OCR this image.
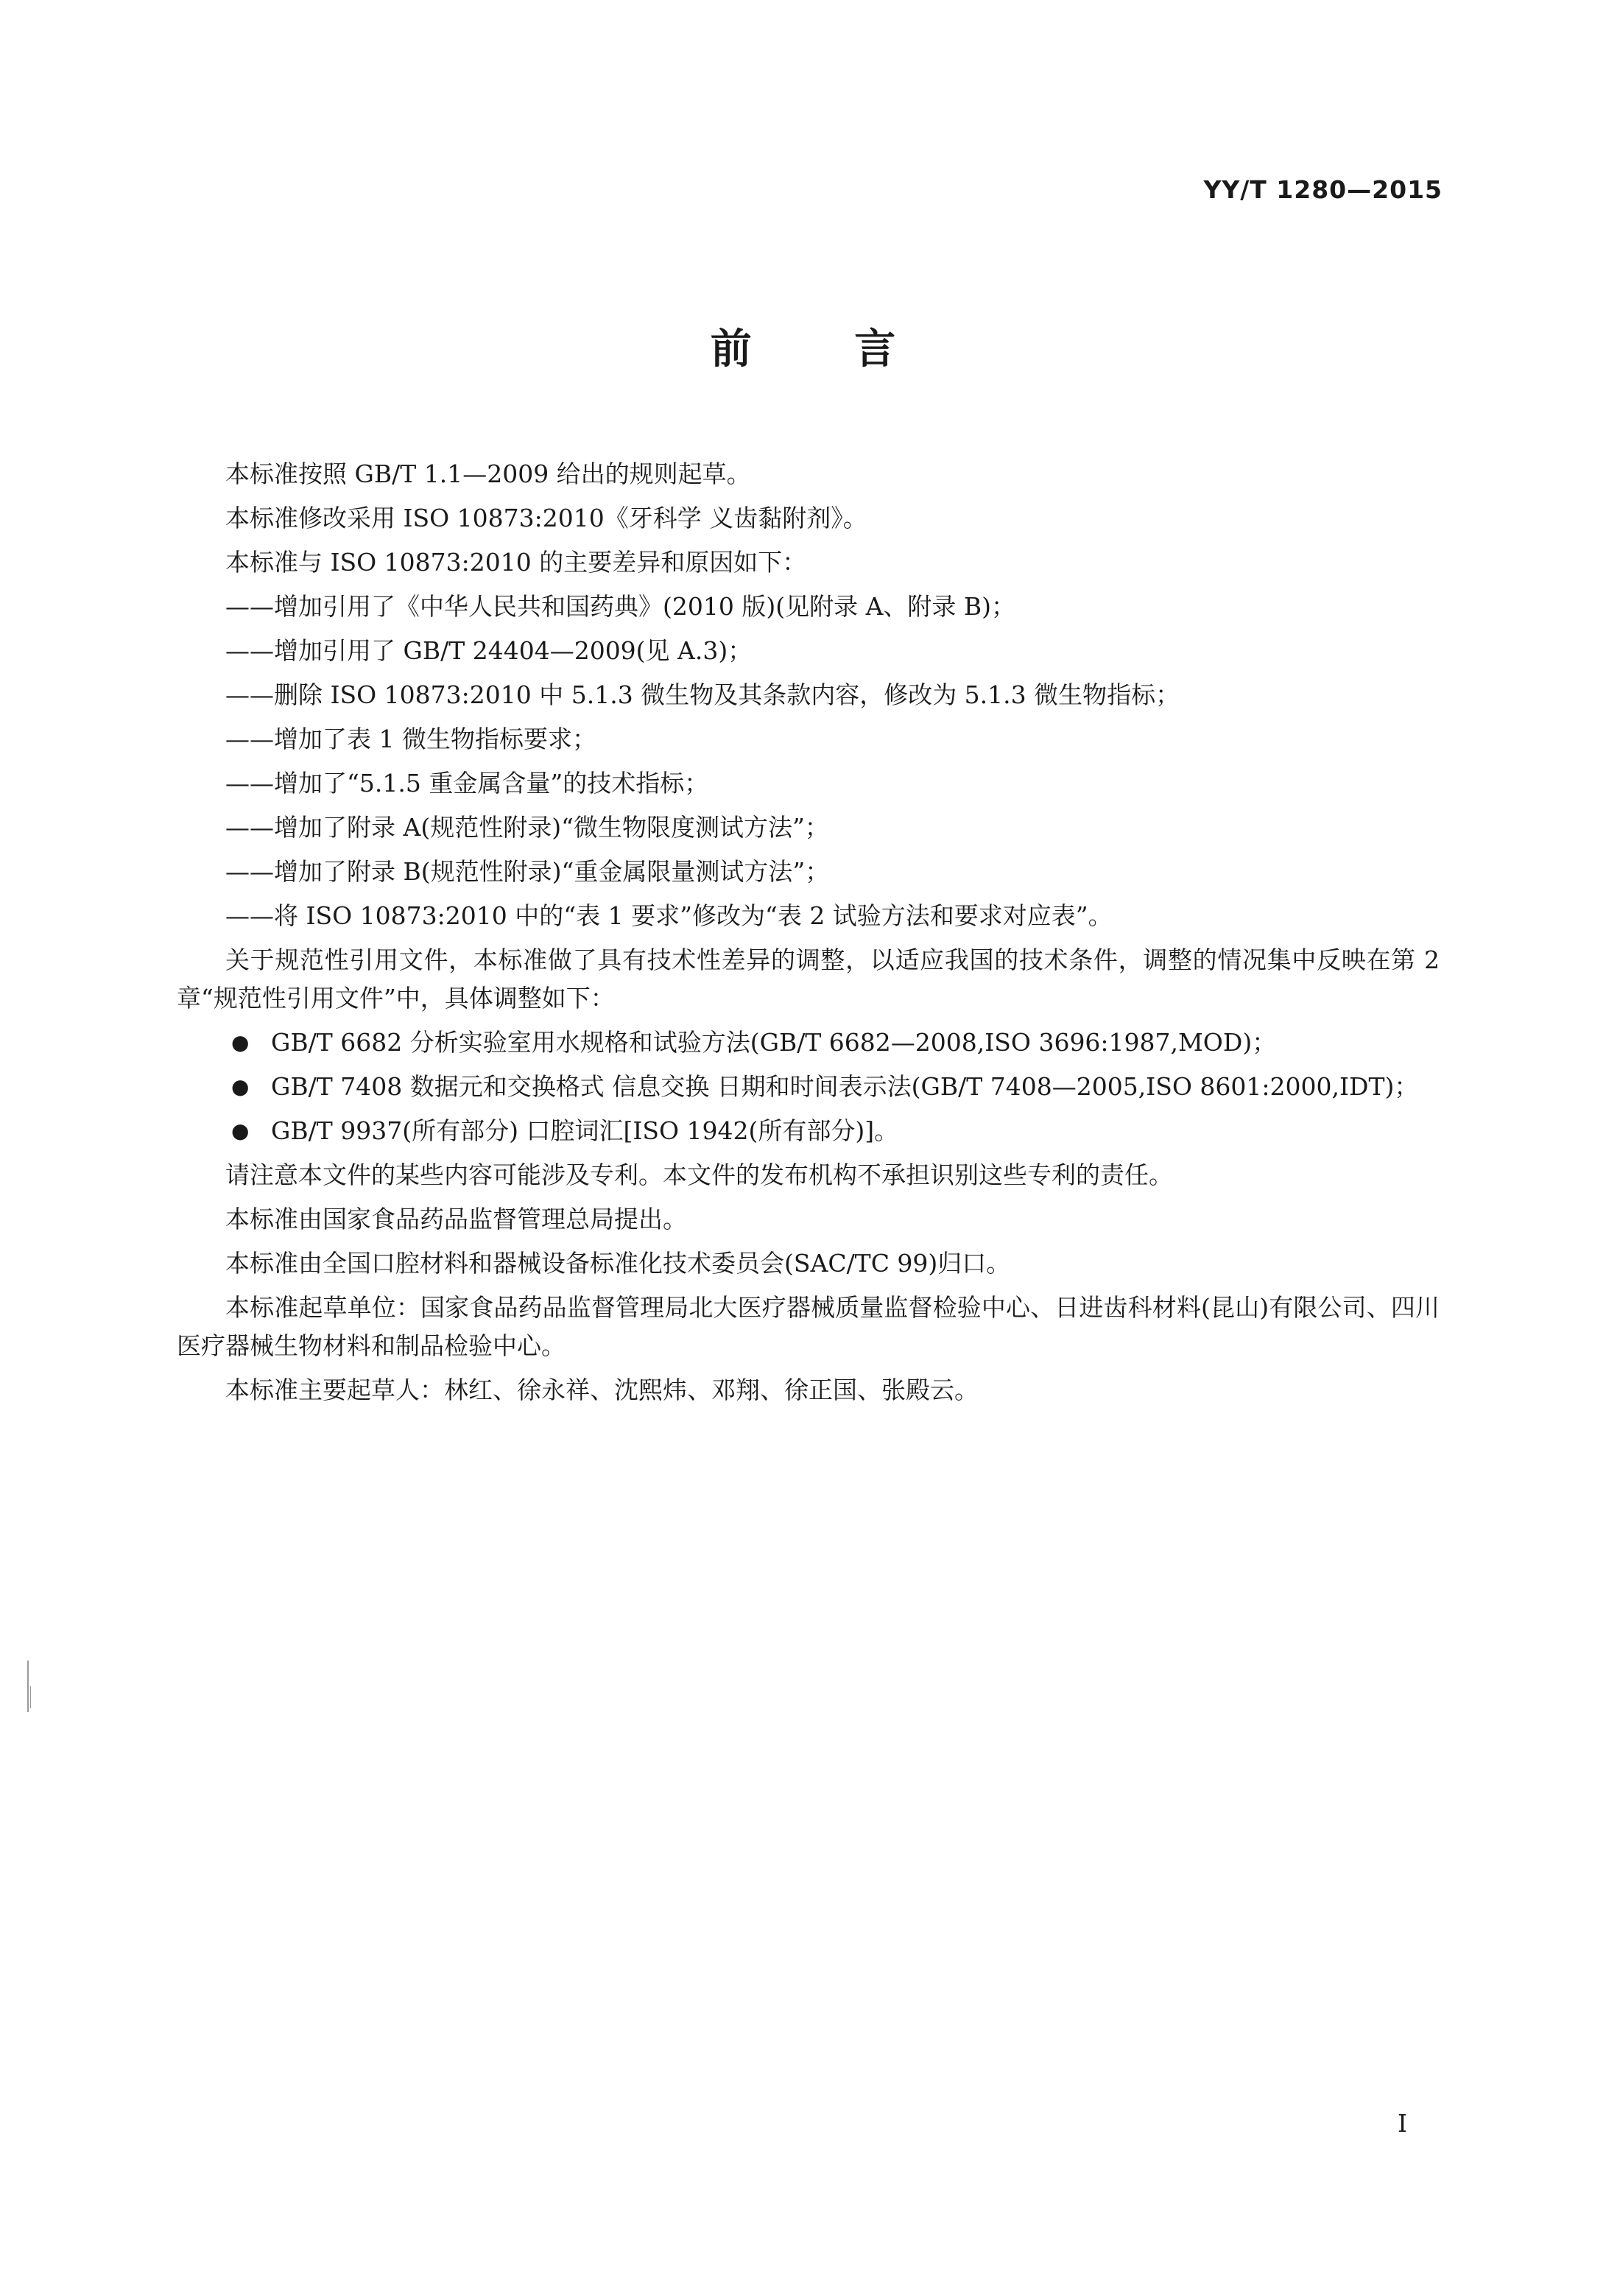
YY/T 1280—2015
前 言

本标准按照 GB/T 1.1—2009 给出的规则起草。

本标准修改采用 ISO 10873:2010《牙科学 义齿黏附剂》。

本标准与 ISO 10873:2010 的主要差异和原因如下：

——增加引用了《中华人民共和国药典》(2010 版)(见附录 A、附录 B)；
——增加引用了 GB/T 24404—2009(见 A.3)；
——删除 ISO 10873:2010 中 5.1.3 微生物及其条款内容，修改为 5.1.3 微生物指标；
——增加了表 1 微生物指标要求；
——增加了“5.1.5 重金属含量”的技术指标；
——增加了附录 A(规范性附录)“微生物限度测试方法”；
——增加了附录 B(规范性附录)“重金属限量测试方法”；
——将 ISO 10873:2010 中的“表 1 要求”修改为“表 2 试验方法和要求对应表”。

关于规范性引用文件，本标准做了具有技术性差异的调整，以适应我国的技术条件，调整的情况集中反映在第 2 章“规范性引用文件”中，具体调整如下：

● GB/T 6682 分析实验室用水规格和试验方法(GB/T 6682—2008,ISO 3696:1987,MOD)；
● GB/T 7408 数据元和交换格式 信息交换 日期和时间表示法(GB/T 7408—2005,ISO 8601:2000,IDT)；
● GB/T 9937(所有部分) 口腔词汇[ISO 1942(所有部分)]。

请注意本文件的某些内容可能涉及专利。本文件的发布机构不承担识别这些专利的责任。

本标准由国家食品药品监督管理总局提出。

本标准由全国口腔材料和器械设备标准化技术委员会(SAC/TC 99)归口。

本标准起草单位：国家食品药品监督管理局北大医疗器械质量监督检验中心、日进齿科材料(昆山)有限公司、四川医疗器械生物材料和制品检验中心。

本标准主要起草人：林红、徐永祥、沈熙炜、邓翔、徐正国、张殿云。

I
